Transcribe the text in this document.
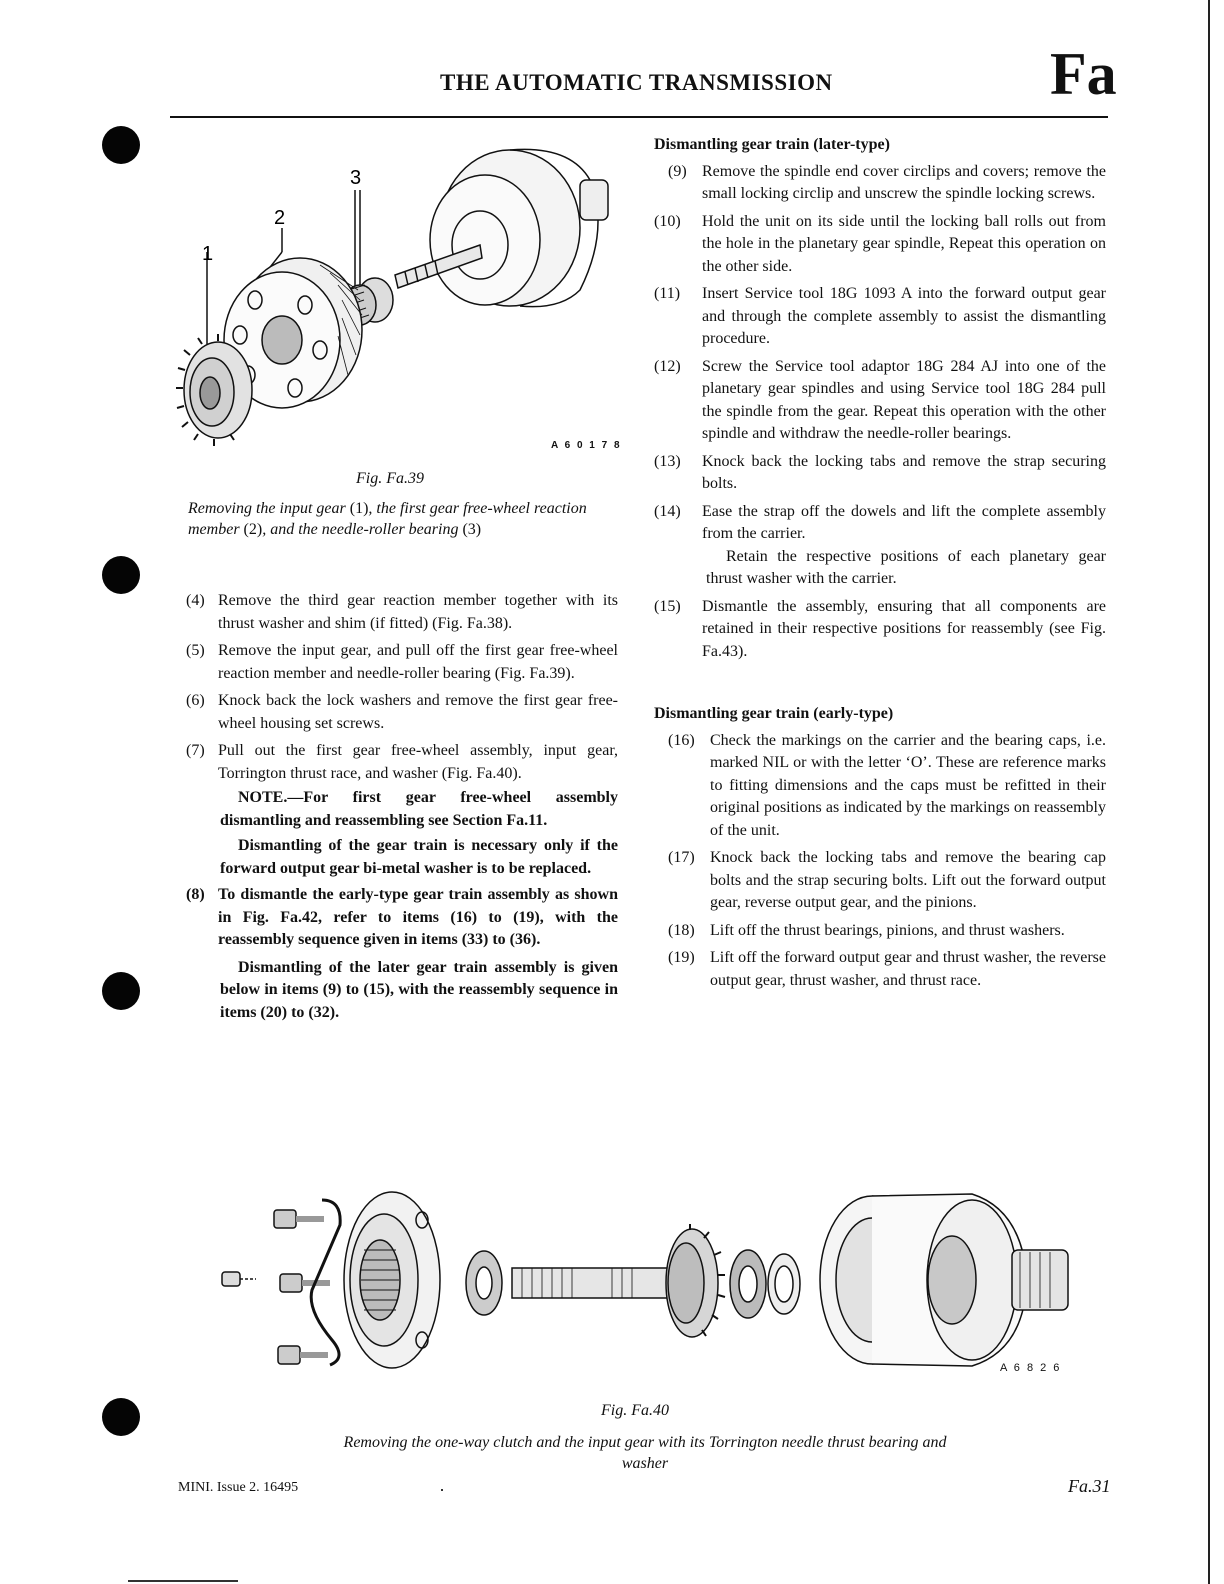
THE AUTOMATIC TRANSMISSION	Fa
1
2
3
A 6 0 1 7 8
Fig. Fa.39
Removing the input gear (1), the first gear free-wheel reaction member (2), and the needle-roller bearing (3)
(4) Remove the third gear reaction member together with its thrust washer and shim (if fitted) (Fig. Fa.38).
(5) Remove the input gear, and pull off the first gear free-wheel reaction member and needle-roller bearing (Fig. Fa.39).
(6) Knock back the lock washers and remove the first gear free-wheel housing set screws.
(7) Pull out the first gear free-wheel assembly, input gear, Torrington thrust race, and washer (Fig. Fa.40).
NOTE.—For first gear free-wheel assembly dismantling and reassembling see Section Fa.11.
Dismantling of the gear train is necessary only if the forward output gear bi-metal washer is to be replaced.
(8) To dismantle the early-type gear train assembly as shown in Fig. Fa.42, refer to items (16) to (19), with the reassembly sequence given in items (33) to (36).
Dismantling of the later gear train assembly is given below in items (9) to (15), with the reassembly sequence in items (20) to (32).
Dismantling gear train (later-type)
(9) Remove the spindle end cover circlips and covers; remove the small locking circlip and unscrew the spindle locking screws.
(10)	Hold the unit on its side until the locking ball rolls out from the hole in the planetary gear spindle, Repeat this operation on the other side.
(11)	Insert Service tool 18G 1093 A into the forward output gear and through the complete assembly to assist the dismantling procedure.
(12)	Screw the Service tool adaptor 18G 284 AJ into one of the planetary gear spindles and using Service tool 18G 284 pull the spindle from the gear. Repeat this operation with the other spindle and withdraw the needle-roller bearings.
(13)	Knock back the locking tabs and remove the strap securing bolts.
(14)	Ease the strap off the dowels and lift the complete assembly from the carrier.
Retain the respective positions of each planetary gear thrust washer with the carrier.
(15)	Dismantle the assembly, ensuring that all components are retained in their respective positions for reassembly (see Fig. Fa.43).
Dismantling gear train (early-type)
(16) Check the markings on the carrier and the bearing caps, i.e. marked NIL or with the letter ‘O’. These are reference marks to fitting dimensions and the caps must be refitted in their original positions as indicated by the markings on reassembly of the unit.
(17) Knock back the locking tabs and remove the bearing cap bolts and the strap securing bolts. Lift out the forward output gear, reverse output gear, and the pinions.
(18) Lift off the thrust bearings, pinions, and thrust washers.
(19) Lift off the forward output gear and thrust washer, the reverse output gear, thrust washer, and thrust race.
A 6 8 2 6
Fig. Fa.40
Removing the one-way clutch and the input gear with its Torrington needle thrust bearing and washer
MINI. Issue 2. 16495	Fa.31
